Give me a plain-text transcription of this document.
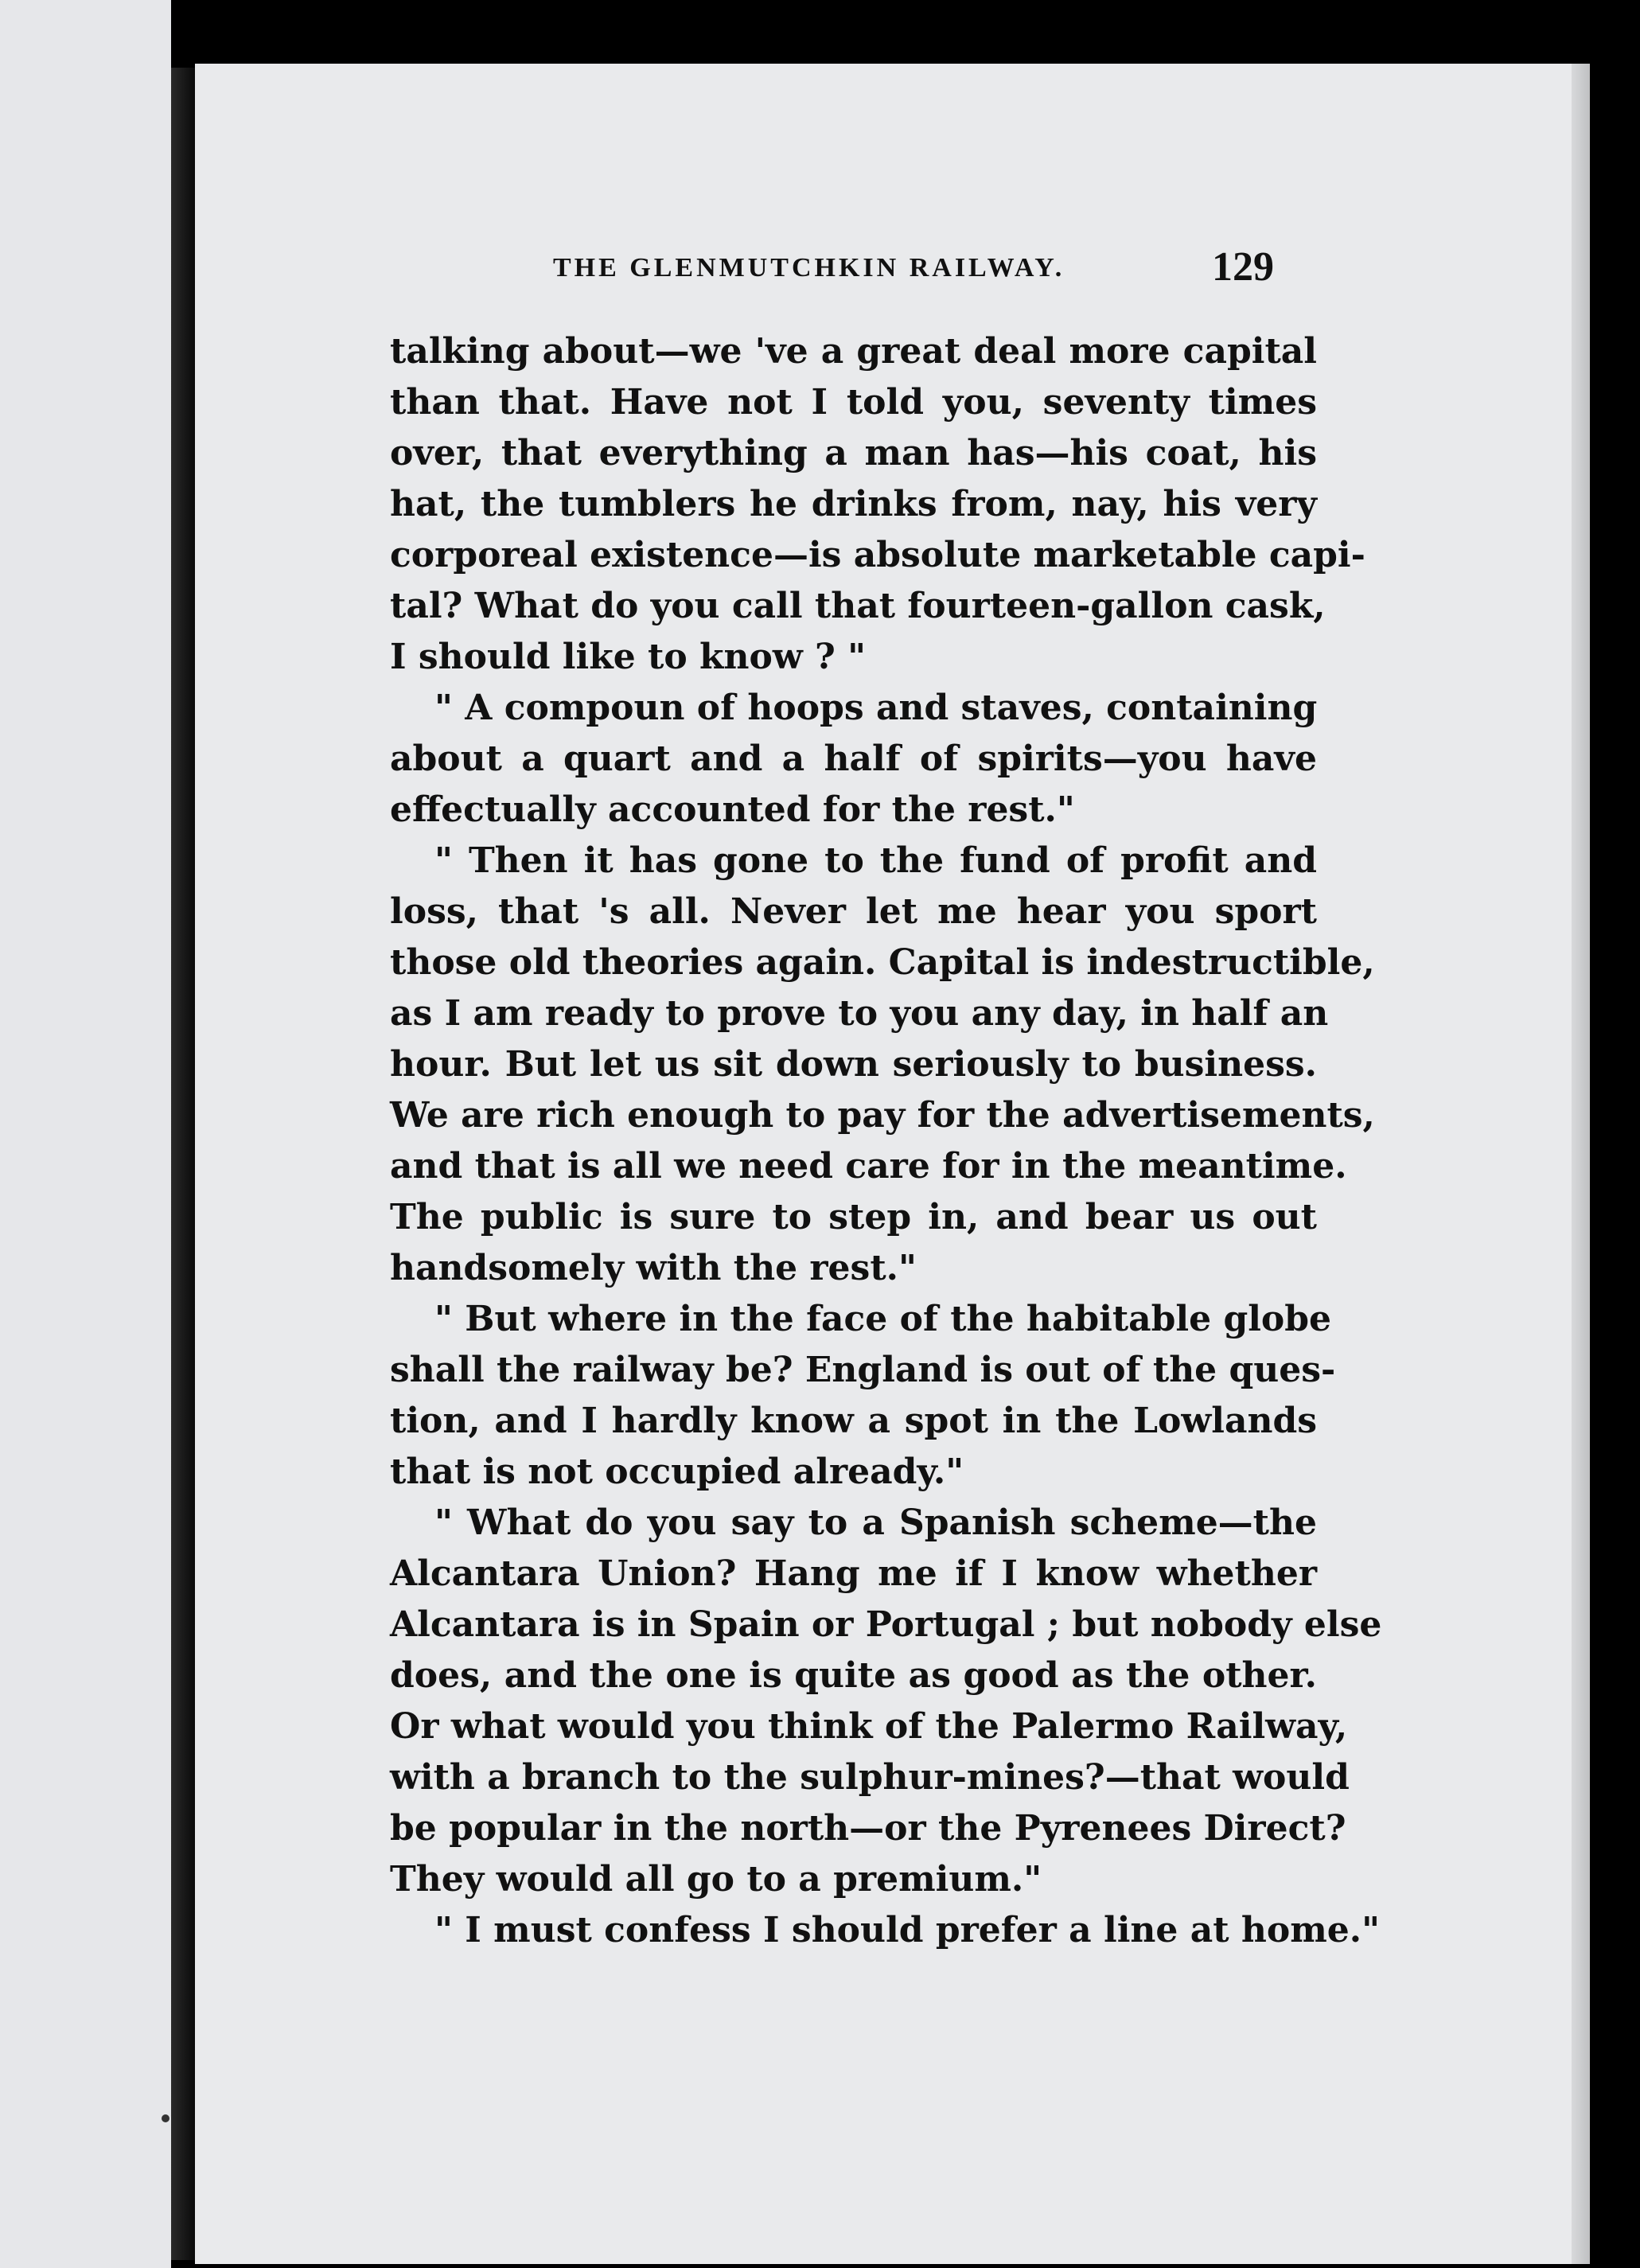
THE GLENMUTCHKIN RAILWAY.	129
talking about—we 've a great deal more capital
than that. Have not I told you, seventy times
over, that everything a man has—his coat, his
hat, the tumblers he drinks from, nay, his very
corporeal existence—is absolute marketable capi-
tal? What do you call that fourteen-gallon cask,
I should like to know ? "
" A compoun of hoops and staves, containing
about a quart and a half of spirits—you have
effectually accounted for the rest."
" Then it has gone to the fund of profit and
loss, that 's all. Never let me hear you sport
those old theories again. Capital is indestructible,
as I am ready to prove to you any day, in half an
hour. But let us sit down seriously to business.
We are rich enough to pay for the advertisements,
and that is all we need care for in the meantime.
The public is sure to step in, and bear us out
handsomely with the rest."
" But where in the face of the habitable globe
shall the railway be? England is out of the ques-
tion, and I hardly know a spot in the Lowlands
that is not occupied already."
" What do you say to a Spanish scheme—the
Alcantara Union? Hang me if I know whether
Alcantara is in Spain or Portugal ; but nobody else
does, and the one is quite as good as the other.
Or what would you think of the Palermo Railway,
with a branch to the sulphur-mines?—that would
be popular in the north—or the Pyrenees Direct?
They would all go to a premium."
" I must confess I should prefer a line at home."
